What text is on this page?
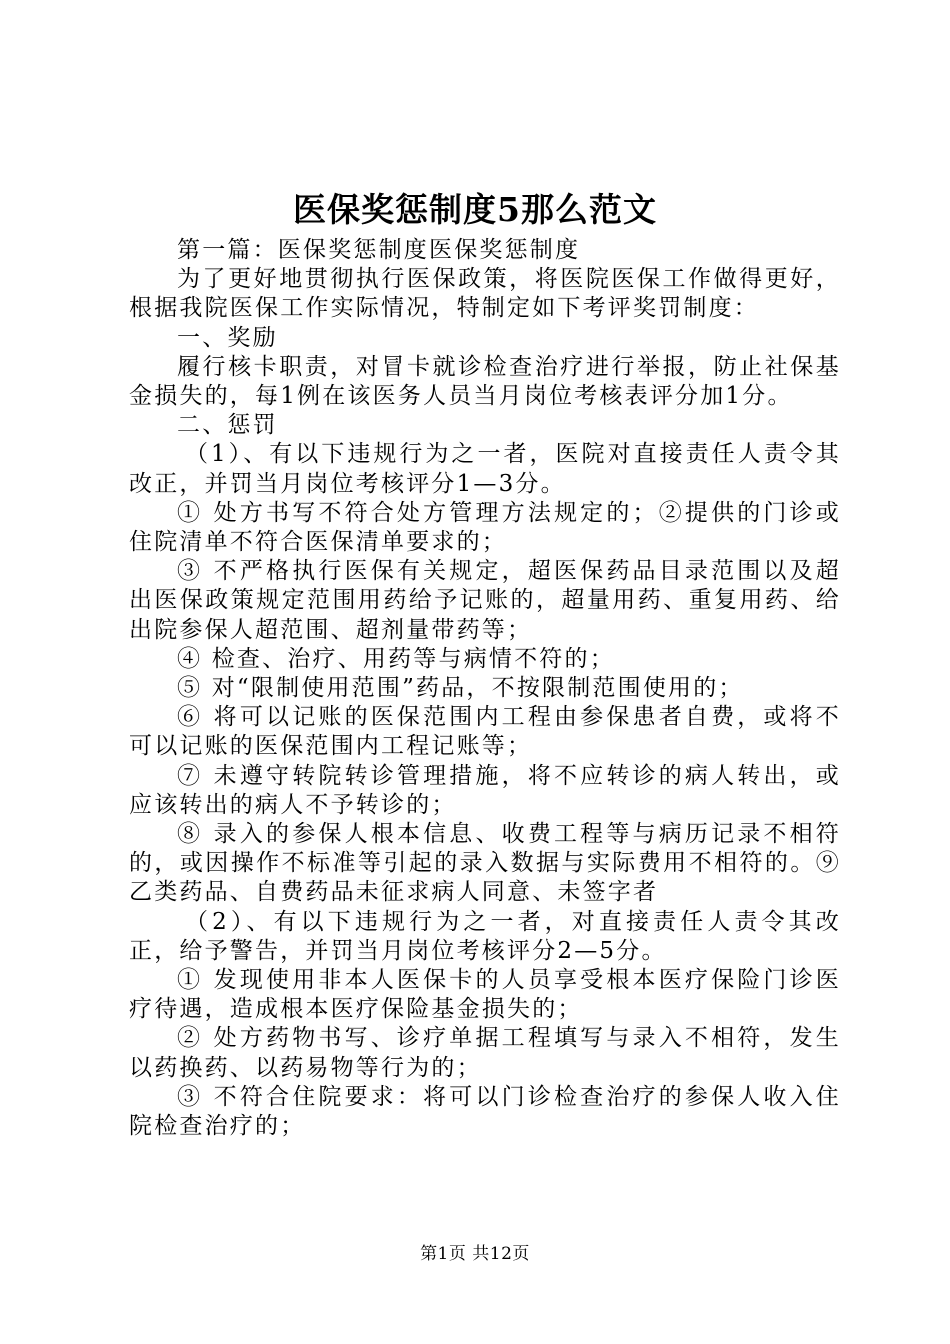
医保奖惩制度5那么范文

第一篇：医保奖惩制度医保奖惩制度

为了更好地贯彻执行医保政策，将医院医保工作做得更好，根据我院医保工作实际情况，特制定如下考评奖罚制度：

一、奖励

履行核卡职责，对冒卡就诊检查治疗进行举报，防止社保基金损失的，每1例在该医务人员当月岗位考核表评分加1分。

二、惩罚

（1）、有以下违规行为之一者，医院对直接责任人责令其改正，并罚当月岗位考核评分1—3分。

① 处方书写不符合处方管理方法规定的；②提供的门诊或住院清单不符合医保清单要求的；

③ 不严格执行医保有关规定，超医保药品目录范围以及超出医保政策规定范围用药给予记账的，超量用药、重复用药、给出院参保人超范围、超剂量带药等；

④ 检查、治疗、用药等与病情不符的；

⑤ 对“限制使用范围”药品，不按限制范围使用的；

⑥ 将可以记账的医保范围内工程由参保患者自费，或将不可以记账的医保范围内工程记账等；

⑦ 未遵守转院转诊管理措施，将不应转诊的病人转出，或应该转出的病人不予转诊的；

⑧ 录入的参保人根本信息、收费工程等与病历记录不相符的，或因操作不标准等引起的录入数据与实际费用不相符的。⑨乙类药品、自费药品未征求病人同意、未签字者

（2）、有以下违规行为之一者，对直接责任人责令其改正，给予警告，并罚当月岗位考核评分2—5分。

① 发现使用非本人医保卡的人员享受根本医疗保险门诊医疗待遇，造成根本医疗保险基金损失的；

② 处方药物书写、诊疗单据工程填写与录入不相符，发生以药换药、以药易物等行为的；

③ 不符合住院要求：将可以门诊检查治疗的参保人收入住院检查治疗的；

第1页 共12页
